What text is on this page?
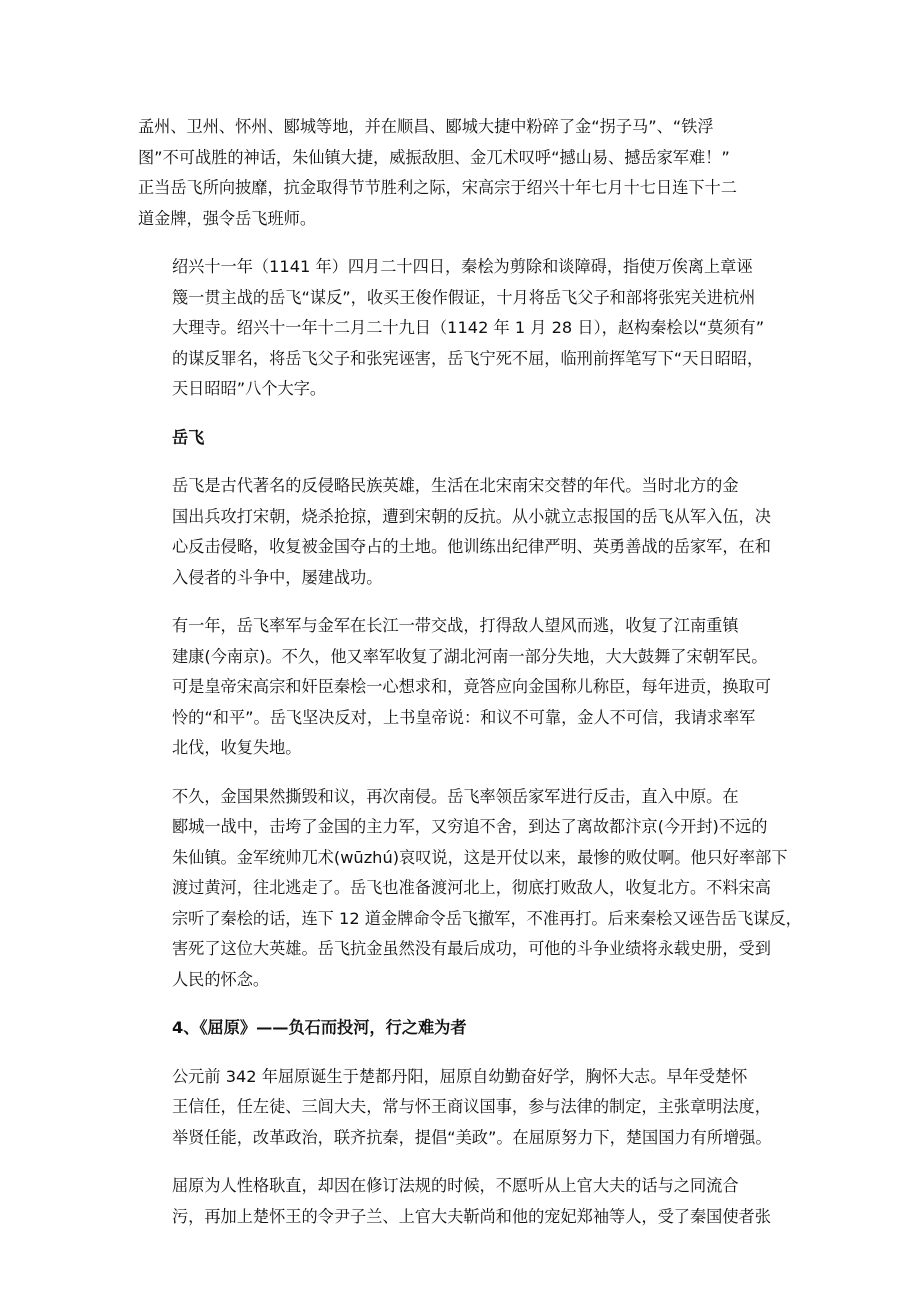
孟州、卫州、怀州、郾城等地，并在顺昌、郾城大捷中粉碎了金“拐子马”、“铁浮
图”不可战胜的神话，朱仙镇大捷，威振敌胆、金兀术叹呼“撼山易、撼岳家军难！”
正当岳飞所向披靡，抗金取得节节胜利之际，宋高宗于绍兴十年七月十七日连下十二
道金牌，强令岳飞班师。

绍兴十一年（1141 年）四月二十四日，秦桧为剪除和谈障碍，指使万俟离上章诬
篾一贯主战的岳飞“谋反”，收买王俊作假证，十月将岳飞父子和部将张宪关进杭州
大理寺。绍兴十一年十二月二十九日（1142 年 1 月 28 日），赵构秦桧以“莫须有”
的谋反罪名，将岳飞父子和张宪诬害，岳飞宁死不屈，临刑前挥笔写下“天日昭昭，
天日昭昭”八个大字。

岳飞

岳飞是古代著名的反侵略民族英雄，生活在北宋南宋交替的年代。当时北方的金
国出兵攻打宋朝，烧杀抢掠，遭到宋朝的反抗。从小就立志报国的岳飞从军入伍，决
心反击侵略，收复被金国夺占的土地。他训练出纪律严明、英勇善战的岳家军，在和
入侵者的斗争中，屡建战功。

有一年，岳飞率军与金军在长江一带交战，打得敌人望风而逃，收复了江南重镇
建康(今南京)。不久，他又率军收复了湖北河南一部分失地，大大鼓舞了宋朝军民。
可是皇帝宋高宗和奸臣秦桧一心想求和，竟答应向金国称儿称臣，每年进贡，换取可
怜的“和平”。岳飞坚决反对，上书皇帝说：和议不可靠，金人不可信，我请求率军
北伐，收复失地。

不久，金国果然撕毁和议，再次南侵。岳飞率领岳家军进行反击，直入中原。在
郾城一战中，击垮了金国的主力军，又穷追不舍，到达了离故都汴京(今开封)不远的
朱仙镇。金军统帅兀术(wūzhú)哀叹说，这是开仗以来，最惨的败仗啊。他只好率部下
渡过黄河，往北逃走了。岳飞也准备渡河北上，彻底打败敌人，收复北方。不料宋高
宗听了秦桧的话，连下 12 道金牌命令岳飞撤军，不准再打。后来秦桧又诬告岳飞谋反，
害死了这位大英雄。岳飞抗金虽然没有最后成功，可他的斗争业绩将永载史册，受到
人民的怀念。

4、《屈原》——负石而投河，行之难为者

公元前 342 年屈原诞生于楚都丹阳，屈原自幼勤奋好学，胸怀大志。早年受楚怀
王信任，任左徒、三闾大夫，常与怀王商议国事，参与法律的制定，主张章明法度，
举贤任能，改革政治，联齐抗秦，提倡“美政”。在屈原努力下，楚国国力有所增强。

屈原为人性格耿直，却因在修订法规的时候，不愿听从上官大夫的话与之同流合
污，再加上楚怀王的令尹子兰、上官大夫靳尚和他的宠妃郑袖等人，受了秦国使者张
